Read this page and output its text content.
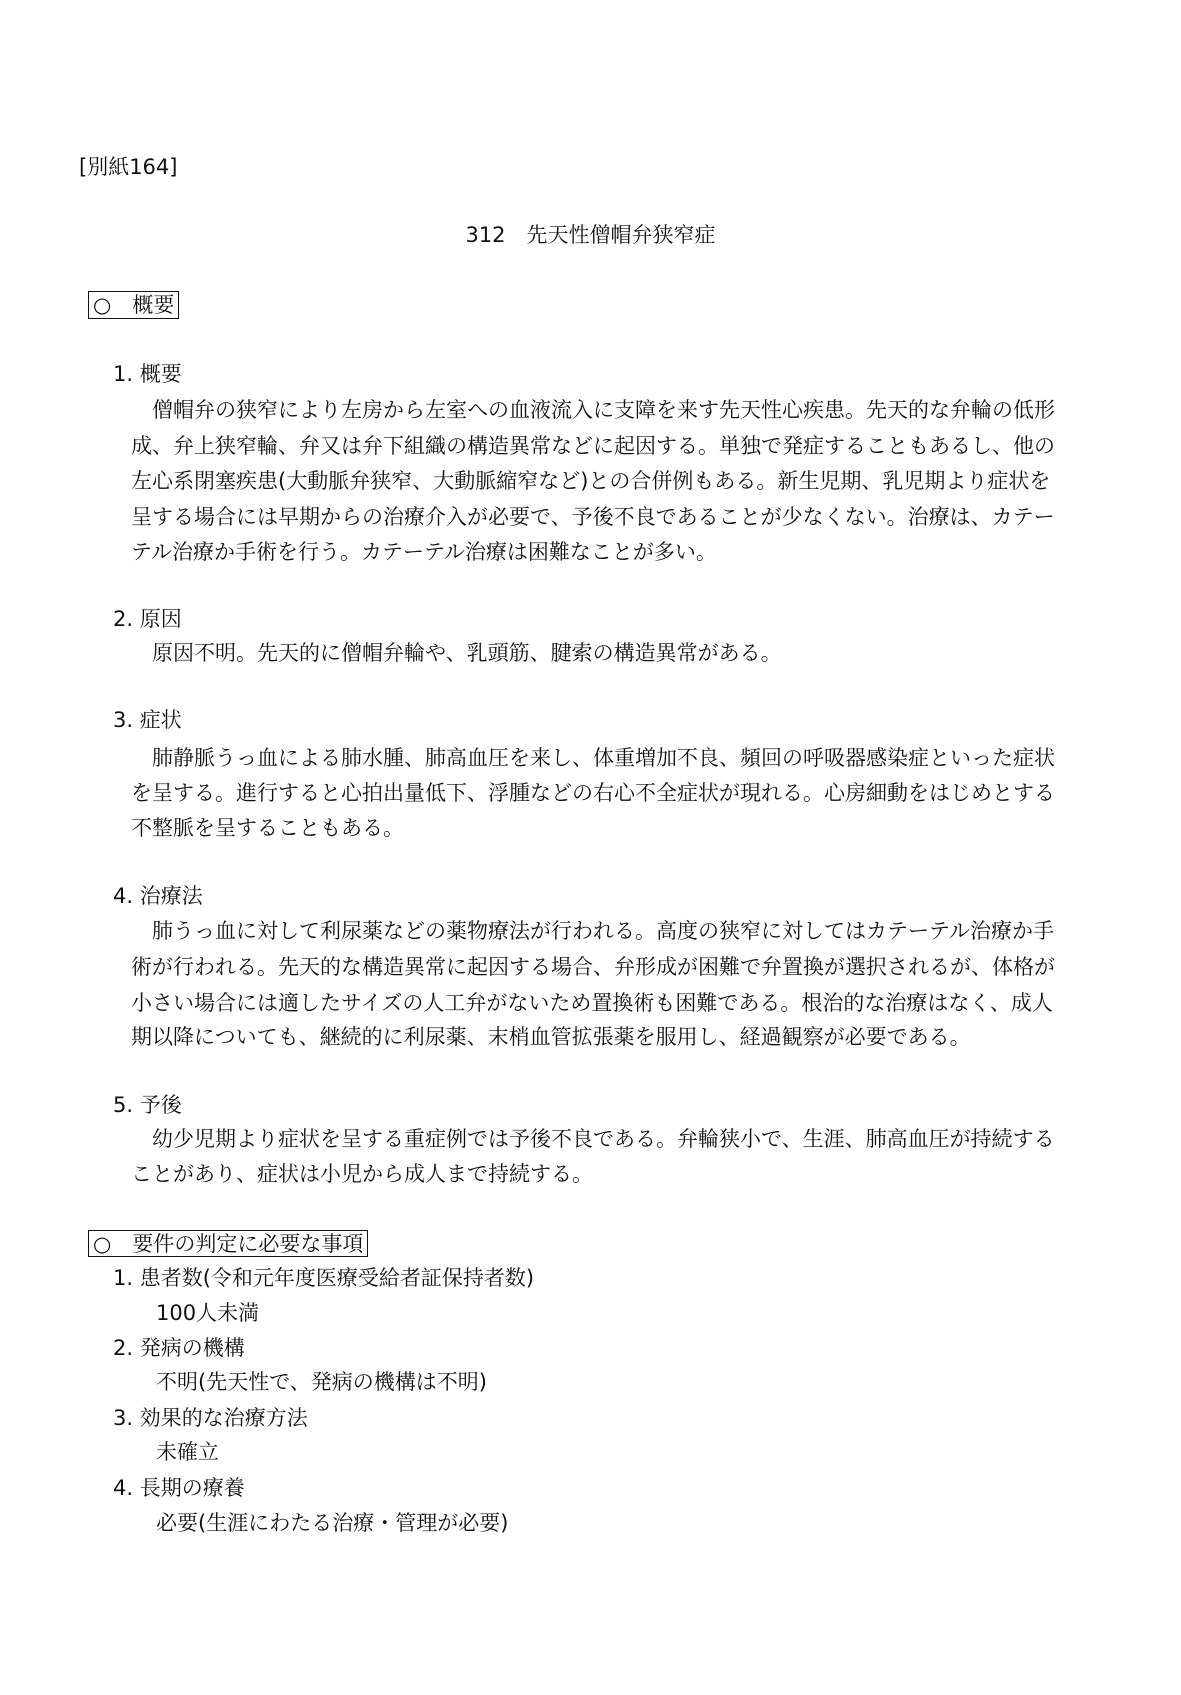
[別紙164]
312　先天性僧帽弁狭窄症
○　概要
1. 概要
僧帽弁の狭窄により左房から左室への血液流入に支障を来す先天性心疾患。先天的な弁輪の低形
成、弁上狭窄輪、弁又は弁下組織の構造異常などに起因する。単独で発症することもあるし、他の
左心系閉塞疾患(大動脈弁狭窄、大動脈縮窄など)との合併例もある。新生児期、乳児期より症状を
呈する場合には早期からの治療介入が必要で、予後不良であることが少なくない。治療は、カテー
テル治療か手術を行う。カテーテル治療は困難なことが多い。
2. 原因
原因不明。先天的に僧帽弁輪や、乳頭筋、腱索の構造異常がある。
3. 症状
肺静脈うっ血による肺水腫、肺高血圧を来し、体重増加不良、頻回の呼吸器感染症といった症状
を呈する。進行すると心拍出量低下、浮腫などの右心不全症状が現れる。心房細動をはじめとする
不整脈を呈することもある。
4. 治療法
肺うっ血に対して利尿薬などの薬物療法が行われる。高度の狭窄に対してはカテーテル治療か手
術が行われる。先天的な構造異常に起因する場合、弁形成が困難で弁置換が選択されるが、体格が
小さい場合には適したサイズの人工弁がないため置換術も困難である。根治的な治療はなく、成人
期以降についても、継続的に利尿薬、末梢血管拡張薬を服用し、経過観察が必要である。
5. 予後
幼少児期より症状を呈する重症例では予後不良である。弁輪狭小で、生涯、肺高血圧が持続する
ことがあり、症状は小児から成人まで持続する。
○　要件の判定に必要な事項
1. 患者数(令和元年度医療受給者証保持者数)
100人未満
2. 発病の機構
不明(先天性で、発病の機構は不明)
3. 効果的な治療方法
未確立
4. 長期の療養
必要(生涯にわたる治療・管理が必要)
